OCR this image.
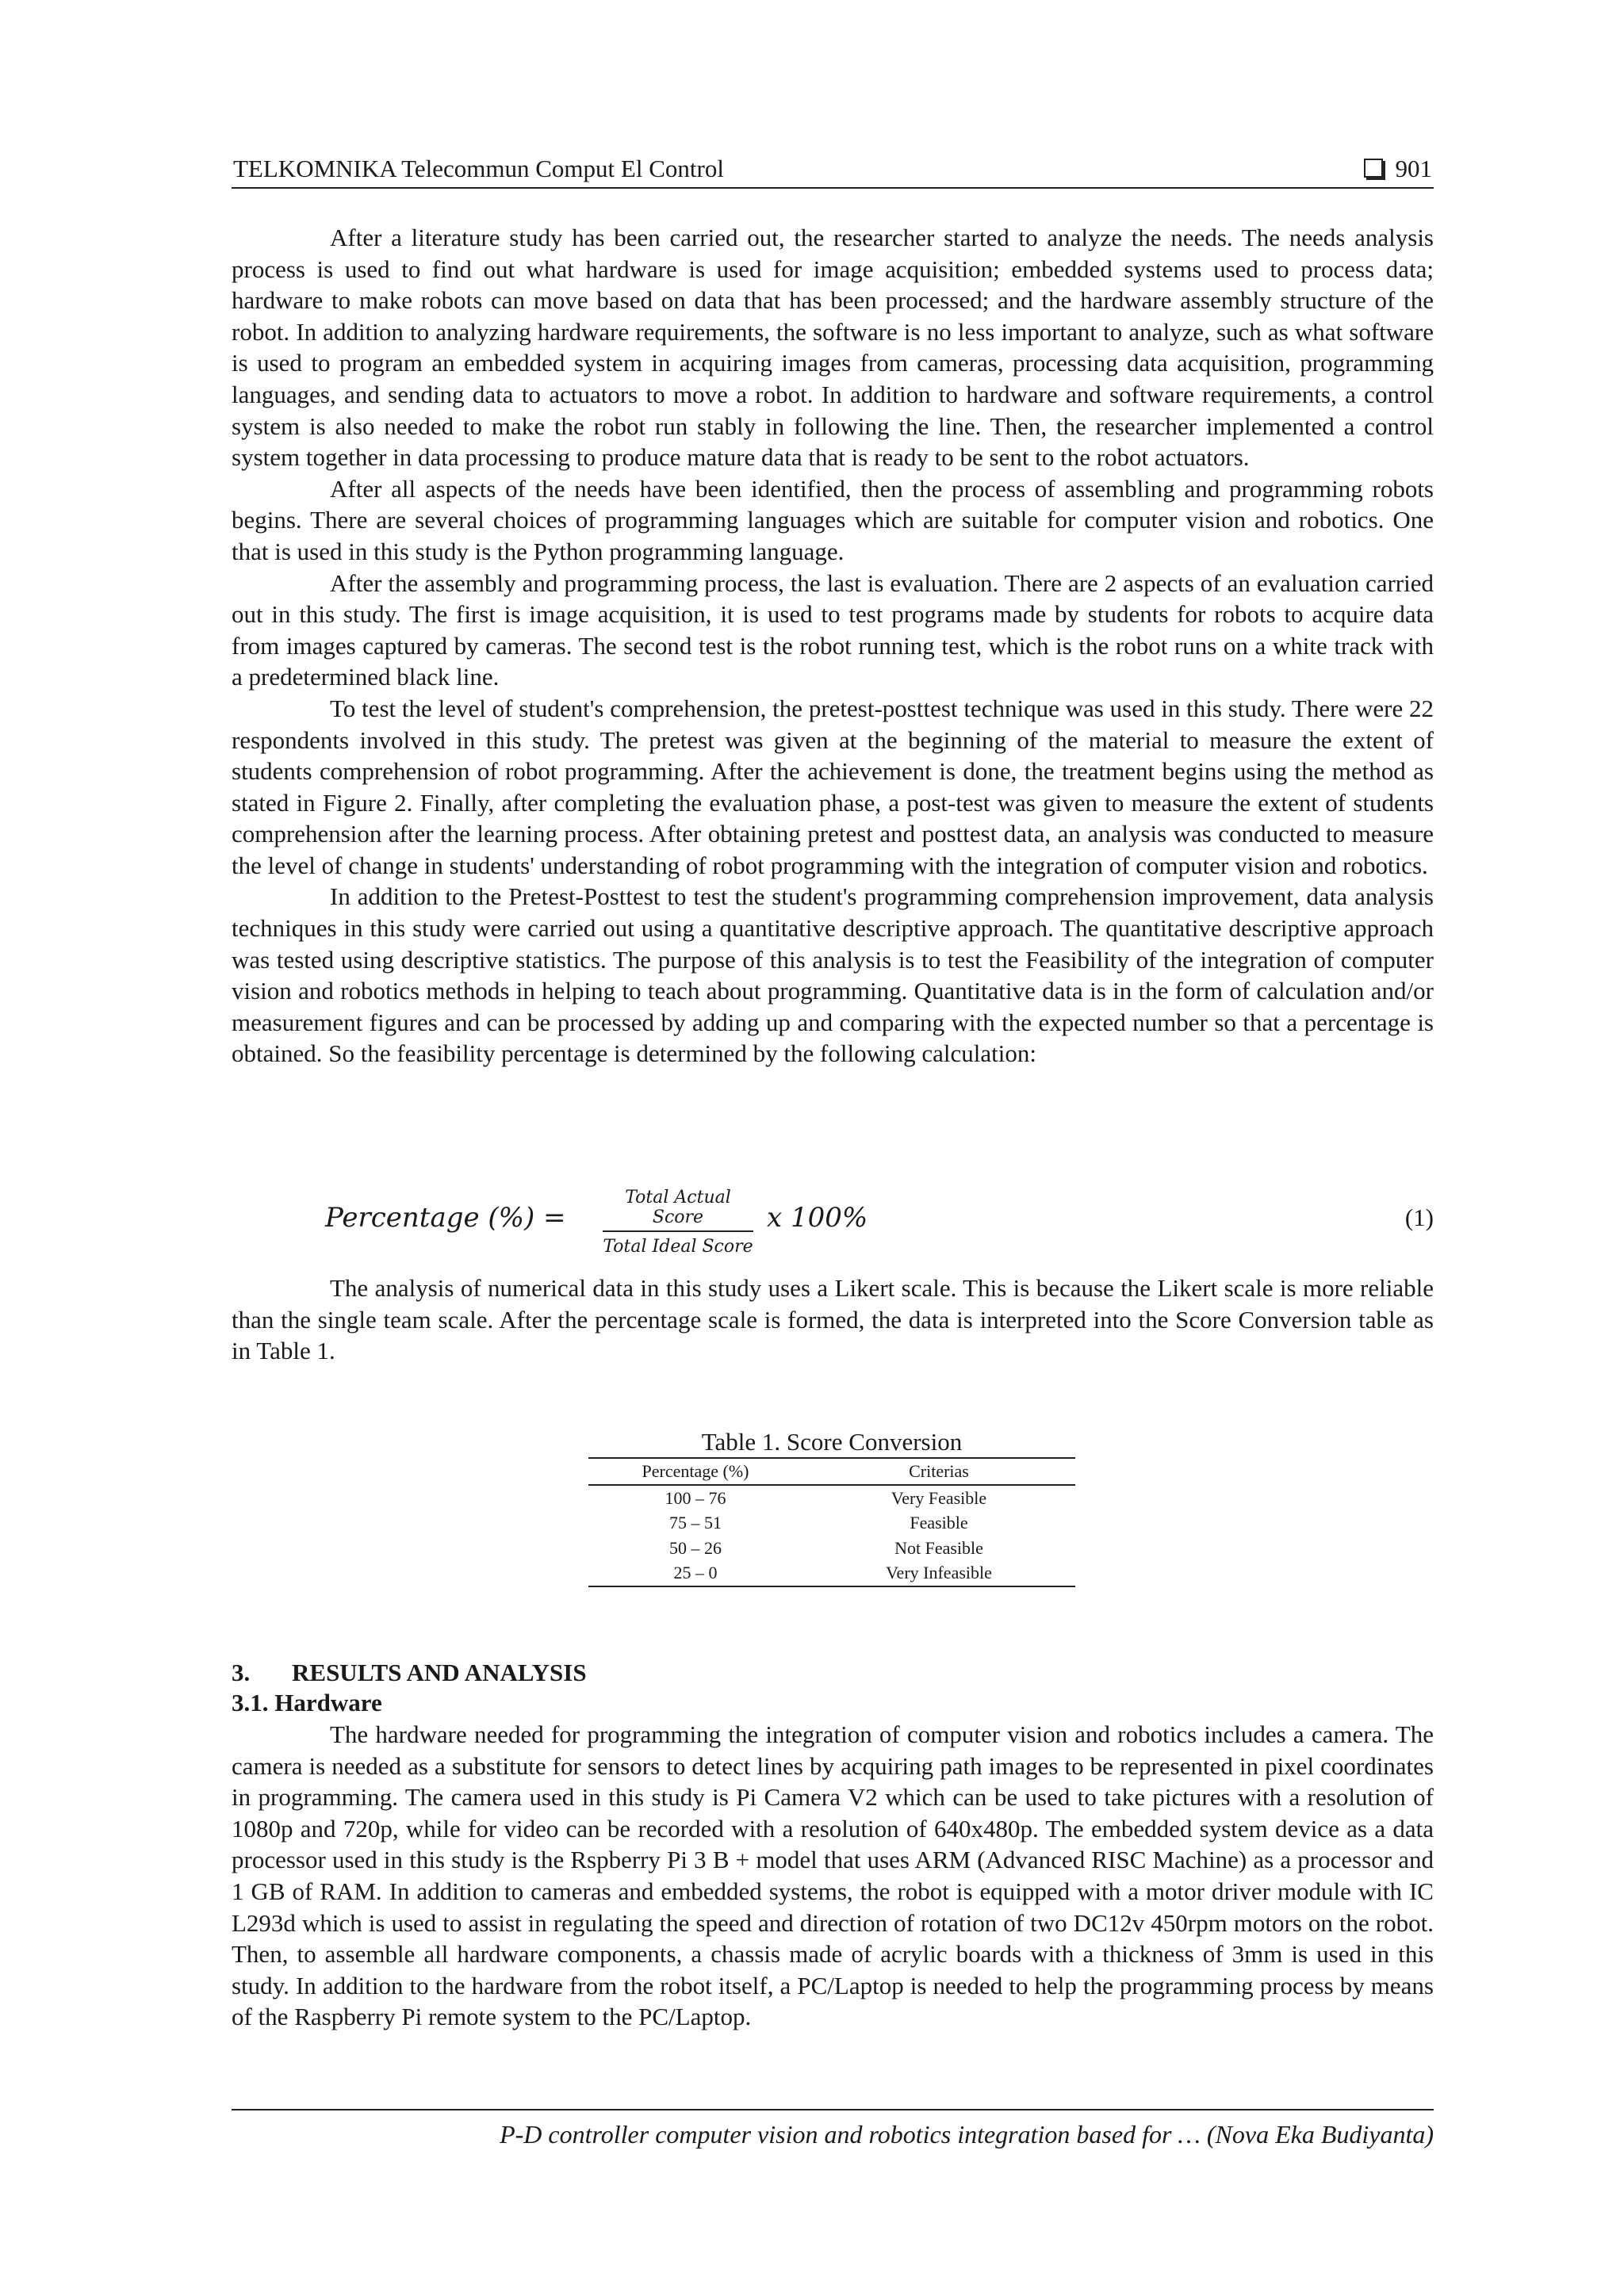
TELKOMNIKA Telecommun Comput El Control	901

After a literature study has been carried out, the researcher started to analyze the needs. The needs analysis process is used to find out what hardware is used for image acquisition; embedded systems used to process data; hardware to make robots can move based on data that has been processed; and the hardware assembly structure of the robot. In addition to analyzing hardware requirements, the software is no less important to analyze, such as what software is used to program an embedded system in acquiring images from cameras, processing data acquisition, programming languages, and sending data to actuators to move a robot. In addition to hardware and software requirements, a control system is also needed to make the robot run stably in following the line. Then, the researcher implemented a control system together in data processing to produce mature data that is ready to be sent to the robot actuators.

After all aspects of the needs have been identified, then the process of assembling and programming robots begins. There are several choices of programming languages which are suitable for computer vision and robotics. One that is used in this study is the Python programming language.

After the assembly and programming process, the last is evaluation. There are 2 aspects of an evaluation carried out in this study. The first is image acquisition, it is used to test programs made by students for robots to acquire data from images captured by cameras. The second test is the robot running test, which is the robot runs on a white track with a predetermined black line.

To test the level of student's comprehension, the pretest-posttest technique was used in this study. There were 22 respondents involved in this study. The pretest was given at the beginning of the material to measure the extent of students comprehension of robot programming. After the achievement is done, the treatment begins using the method as stated in Figure 2. Finally, after completing the evaluation phase, a post-test was given to measure the extent of students comprehension after the learning process. After obtaining pretest and posttest data, an analysis was conducted to measure the level of change in students' understanding of robot programming with the integration of computer vision and robotics.

In addition to the Pretest-Posttest to test the student's programming comprehension improvement, data analysis techniques in this study were carried out using a quantitative descriptive approach. The quantitative descriptive approach was tested using descriptive statistics. The purpose of this analysis is to test the Feasibility of the integration of computer vision and robotics methods in helping to teach about programming. Quantitative data is in the form of calculation and/or measurement figures and can be processed by adding up and comparing with the expected number so that a percentage is obtained. So the feasibility percentage is determined by the following calculation:

Percentage (%) =
Total Actual Score
Total Ideal Score
x 100%	(1)

The analysis of numerical data in this study uses a Likert scale. This is because the Likert scale is more reliable than the single team scale. After the percentage scale is formed, the data is interpreted into the Score Conversion table as in Table 1.

Table 1. Score Conversion
Percentage (%)	Criterias
100 – 76	Very Feasible
75 – 51	Feasible
50 – 26	Not Feasible
25 – 0	Very Infeasible
3. RESULTS AND ANALYSIS
3.1. Hardware

The hardware needed for programming the integration of computer vision and robotics includes a camera. The camera is needed as a substitute for sensors to detect lines by acquiring path images to be represented in pixel coordinates in programming. The camera used in this study is Pi Camera V2 which can be used to take pictures with a resolution of 1080p and 720p, while for video can be recorded with a resolution of 640x480p. The embedded system device as a data processor used in this study is the Rspberry Pi 3 B + model that uses ARM (Advanced RISC Machine) as a processor and 1 GB of RAM. In addition to cameras and embedded systems, the robot is equipped with a motor driver module with IC L293d which is used to assist in regulating the speed and direction of rotation of two DC12v 450rpm motors on the robot. Then, to assemble all hardware components, a chassis made of acrylic boards with a thickness of 3mm is used in this study. In addition to the hardware from the robot itself, a PC/Laptop is needed to help the programming process by means of the Raspberry Pi remote system to the PC/Laptop.

P-D controller computer vision and robotics integration based for … (Nova Eka Budiyanta)
